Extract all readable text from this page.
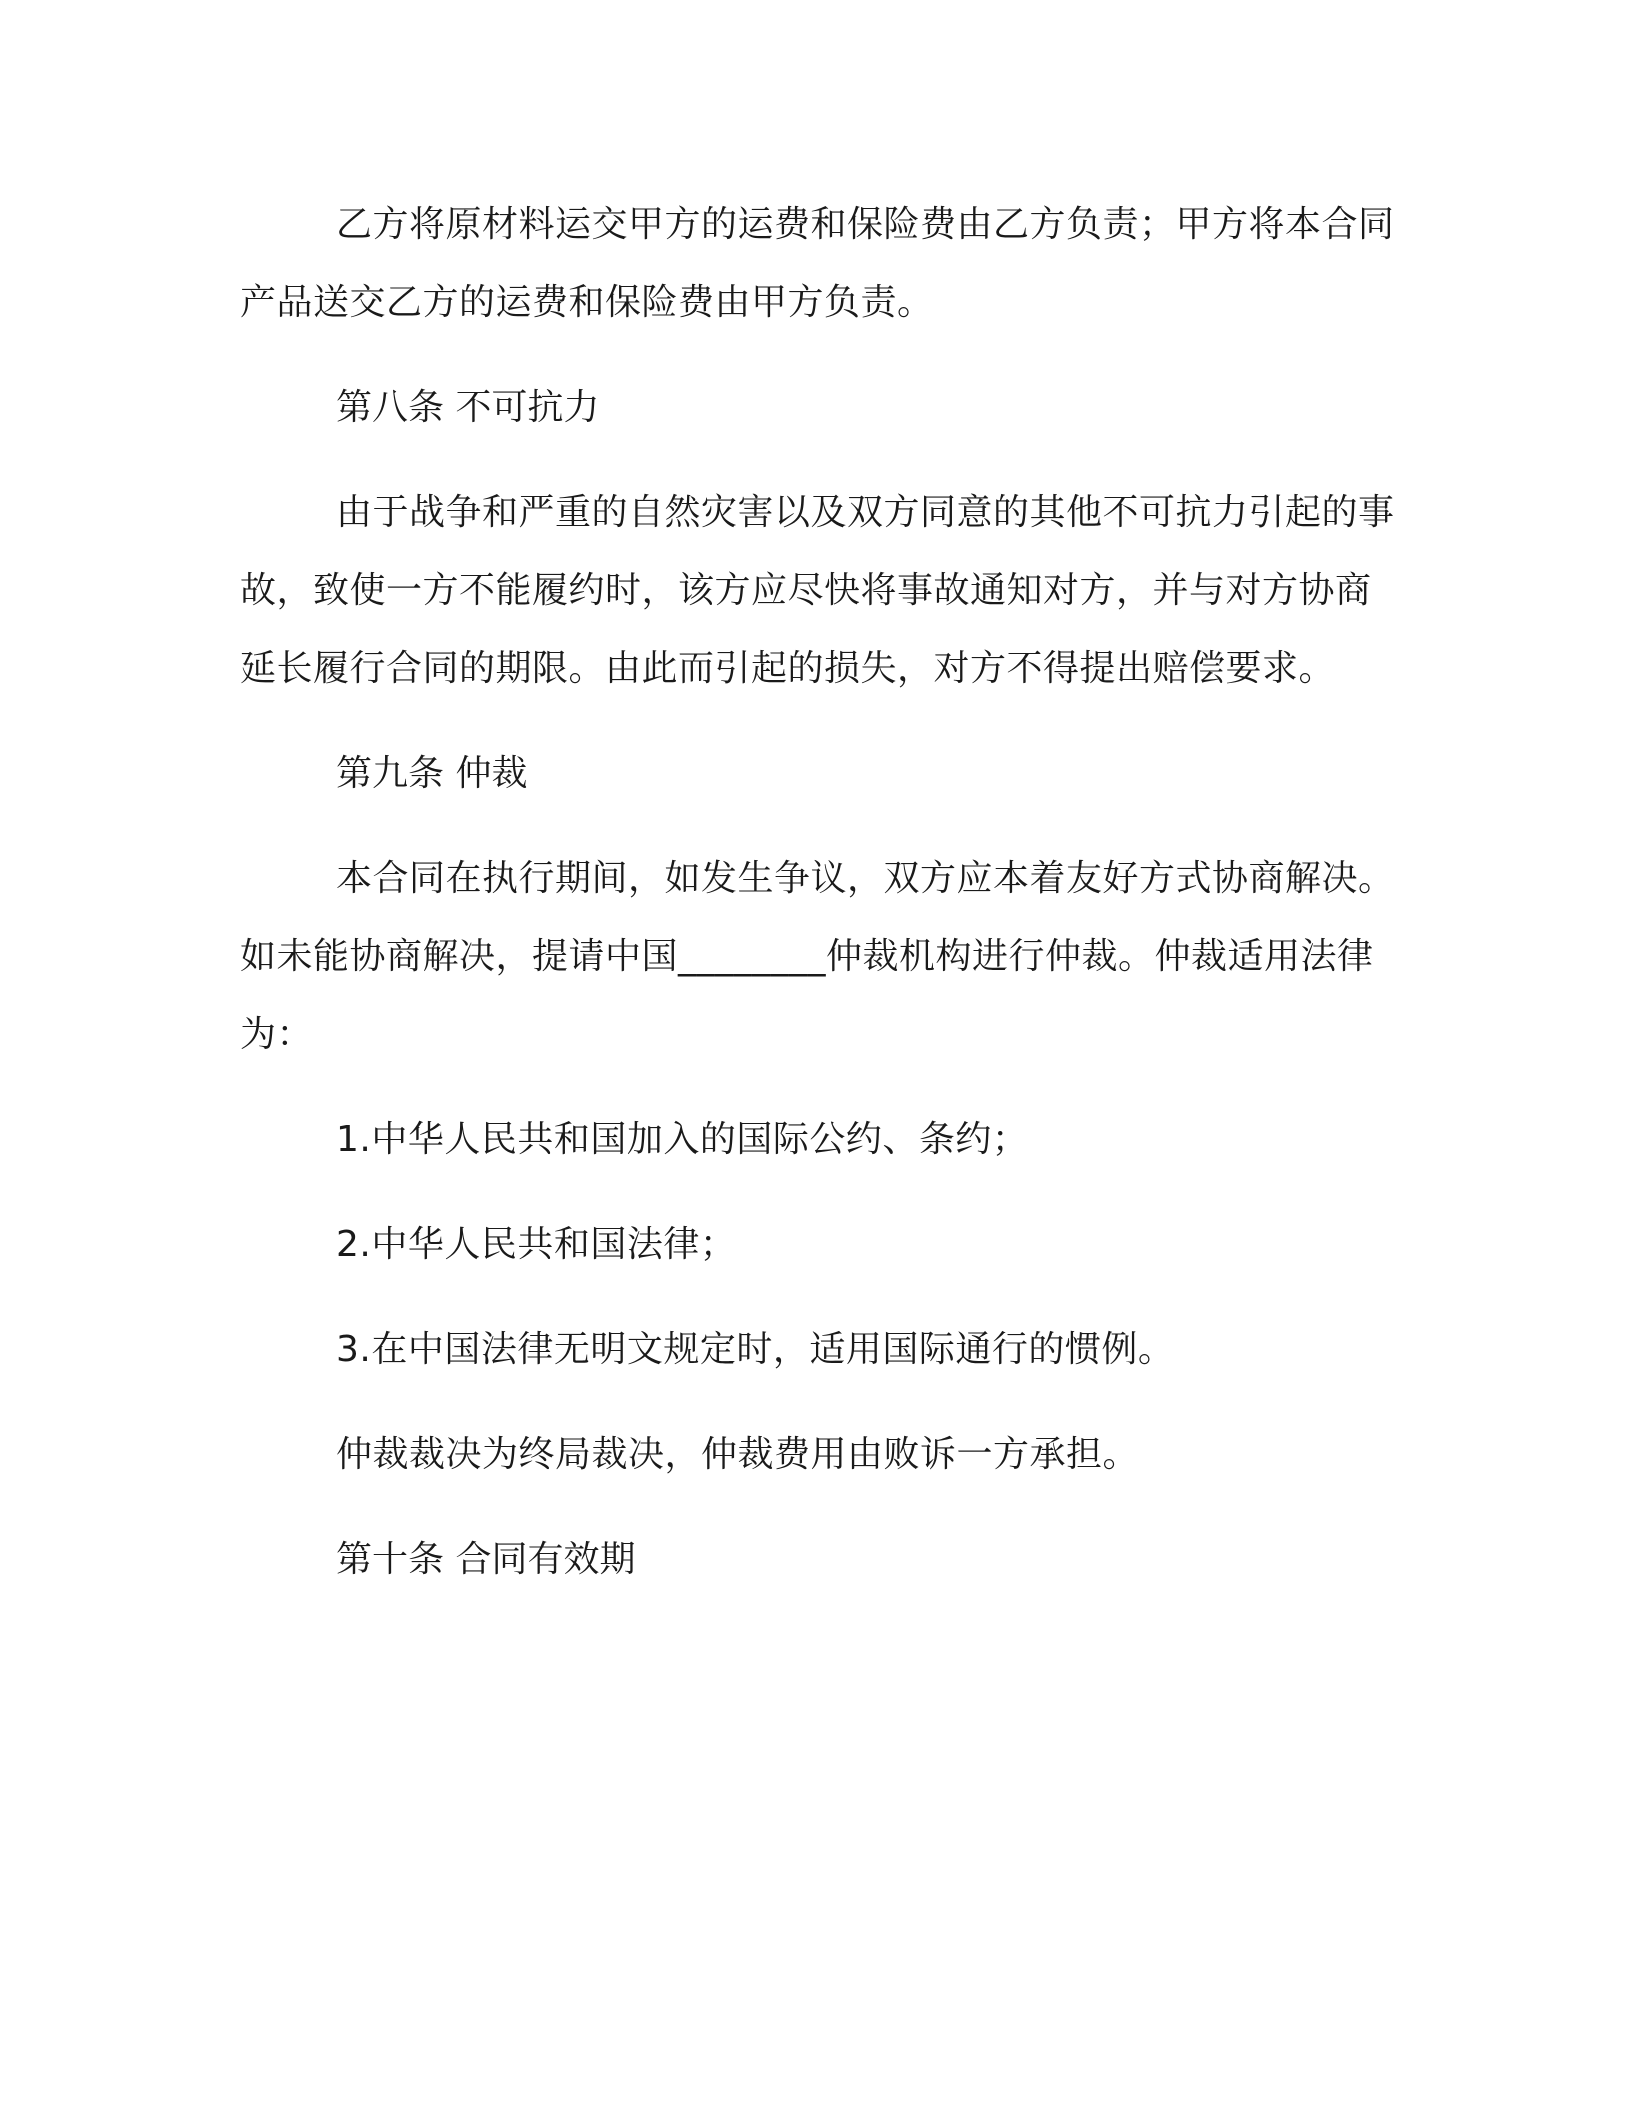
乙方将原材料运交甲方的运费和保险费由乙方负责；甲方将本合同产品送交乙方的运费和保险费由甲方负责。

第八条 不可抗力

由于战争和严重的自然灾害以及双方同意的其他不可抗力引起的事故，致使一方不能履约时，该方应尽快将事故通知对方，并与对方协商延长履行合同的期限。由此而引起的损失，对方不得提出赔偿要求。

第九条 仲裁

本合同在执行期间，如发生争议，双方应本着友好方式协商解决。如未能协商解决，提请中国________仲裁机构进行仲裁。仲裁适用法律为：

1.中华人民共和国加入的国际公约、条约；

2.中华人民共和国法律；

3.在中国法律无明文规定时，适用国际通行的惯例。

仲裁裁决为终局裁决，仲裁费用由败诉一方承担。

第十条 合同有效期
